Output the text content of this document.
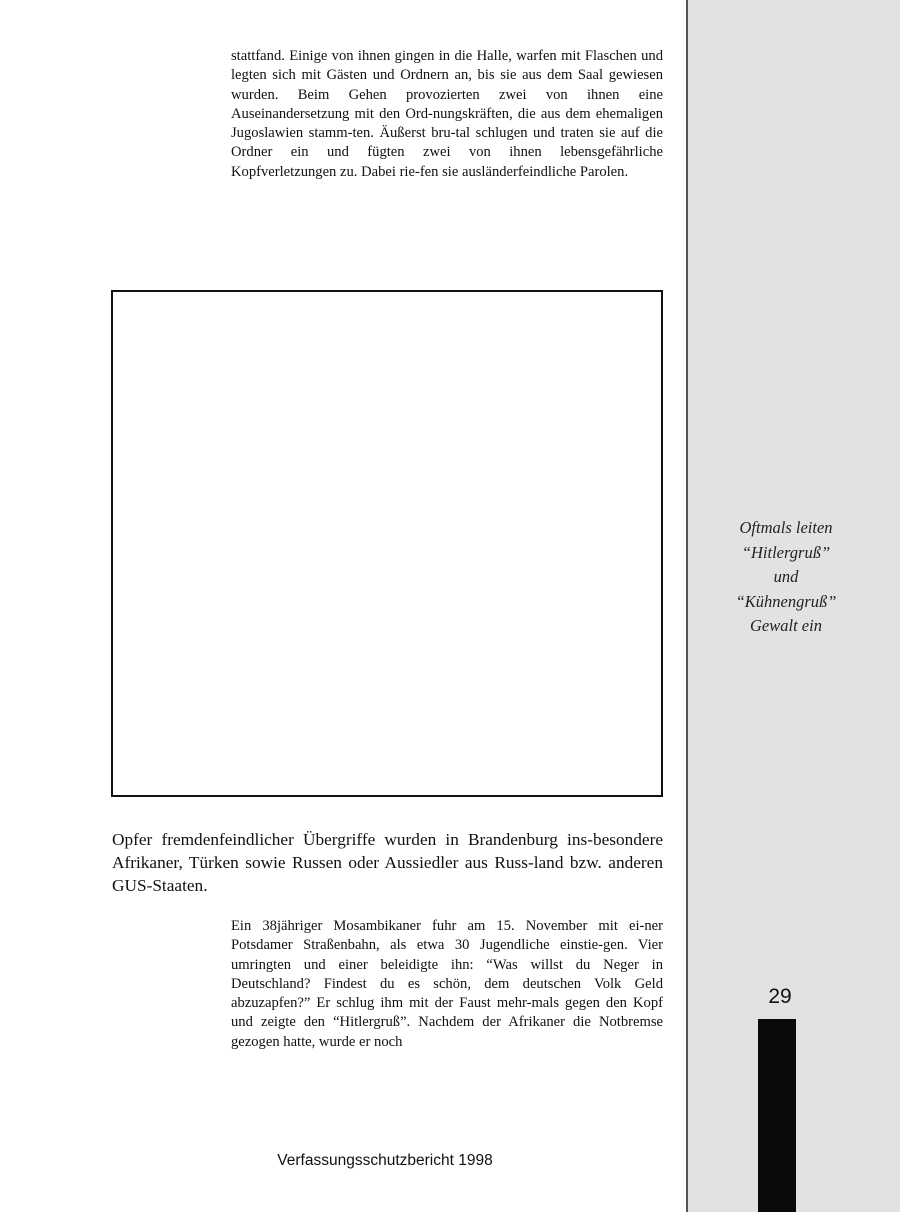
stattfand. Einige von ihnen gingen in die Halle, warfen mit Flaschen und legten sich mit Gästen und Ordnern an, bis sie aus dem Saal gewiesen wurden. Beim Gehen provozierten zwei von ihnen eine Auseinandersetzung mit den Ord-nungskräften, die aus dem ehemaligen Jugoslawien stamm-ten. Äußerst bru-tal schlugen und traten sie auf die Ordner ein und fügten zwei von ihnen lebensgefährliche Kopfverletzungen zu. Dabei rie-fen sie ausländerfeindliche Parolen.

Opfer fremdenfeindlicher Übergriffe wurden in Brandenburg ins-besondere Afrikaner, Türken sowie Russen oder Aussiedler aus Russ-land bzw. anderen GUS-Staaten.

Ein 38jähriger Mosambikaner fuhr am 15. November mit ei-ner Potsdamer Straßenbahn, als etwa 30 Jugendliche einstie-gen. Vier umringten und einer beleidigte ihn: “Was willst du Neger in Deutschland? Findest du es schön, dem deutschen Volk Geld abzuzapfen?” Er schlug ihm mit der Faust mehr-mals gegen den Kopf und zeigte den “Hitlergruß”. Nachdem der Afrikaner die Notbremse gezogen hatte, wurde er noch

Oftmals leiten
“Hitlergruß”
und
“Kühnengruß”
Gewalt ein
29
Verfassungsschutzbericht 1998
